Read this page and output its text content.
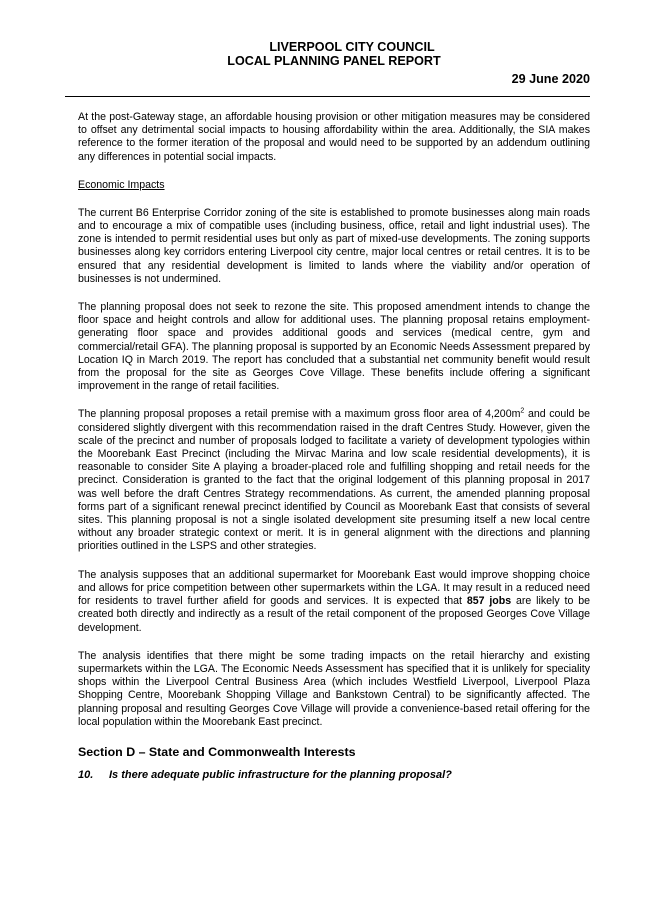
LIVERPOOL CITY COUNCIL
LOCAL PLANNING PANEL REPORT
29 June 2020

At the post-Gateway stage, an affordable housing provision or other mitigation measures may be considered to offset any detrimental social impacts to housing affordability within the area. Additionally, the SIA makes reference to the former iteration of the proposal and would need to be supported by an addendum outlining any differences in potential social impacts.

Economic Impacts

The current B6 Enterprise Corridor zoning of the site is established to promote businesses along main roads and to encourage a mix of compatible uses (including business, office, retail and light industrial uses). The zone is intended to permit residential uses but only as part of mixed-use developments. The zoning supports businesses along key corridors entering Liverpool city centre, major local centres or retail centres. It is to be ensured that any residential development is limited to lands where the viability and/or operation of businesses is not undermined.

The planning proposal does not seek to rezone the site. This proposed amendment intends to change the floor space and height controls and allow for additional uses. The planning proposal retains employment-generating floor space and provides additional goods and services (medical centre, gym and commercial/retail GFA). The planning proposal is supported by an Economic Needs Assessment prepared by Location IQ in March 2019. The report has concluded that a substantial net community benefit would result from the proposal for the site as Georges Cove Village. These benefits include offering a significant improvement in the range of retail facilities.

The planning proposal proposes a retail premise with a maximum gross floor area of $4,200m^2$ and could be considered slightly divergent with this recommendation raised in the draft Centres Study. However, given the scale of the precinct and number of proposals lodged to facilitate a variety of development typologies within the Moorebank East Precinct (including the Mirvac Marina and low scale residential developments), it is reasonable to consider Site A playing a broader-placed role and fulfilling shopping and retail needs for the precinct. Consideration is granted to the fact that the original lodgement of this planning proposal in 2017 was well before the draft Centres Strategy recommendations. As current, the amended planning proposal forms part of a significant renewal precinct identified by Council as Moorebank East that consists of several sites. This planning proposal is not a single isolated development site presuming itself a new local centre without any broader strategic context or merit. It is in general alignment with the directions and planning priorities outlined in the LSPS and other strategies.

The analysis supposes that an additional supermarket for Moorebank East would improve shopping choice and allows for price competition between other supermarkets within the LGA. It may result in a reduced need for residents to travel further afield for goods and services. It is expected that 857 jobs are likely to be created both directly and indirectly as a result of the retail component of the proposed Georges Cove Village development.

The analysis identifies that there might be some trading impacts on the retail hierarchy and existing supermarkets within the LGA. The Economic Needs Assessment has specified that it is unlikely for speciality shops within the Liverpool Central Business Area (which includes Westfield Liverpool, Liverpool Plaza Shopping Centre, Moorebank Shopping Village and Bankstown Central) to be significantly affected. The planning proposal and resulting Georges Cove Village will provide a convenience-based retail offering for the local population within the Moorebank East precinct.

Section D – State and Commonwealth Interests
10. Is there adequate public infrastructure for the planning proposal?
